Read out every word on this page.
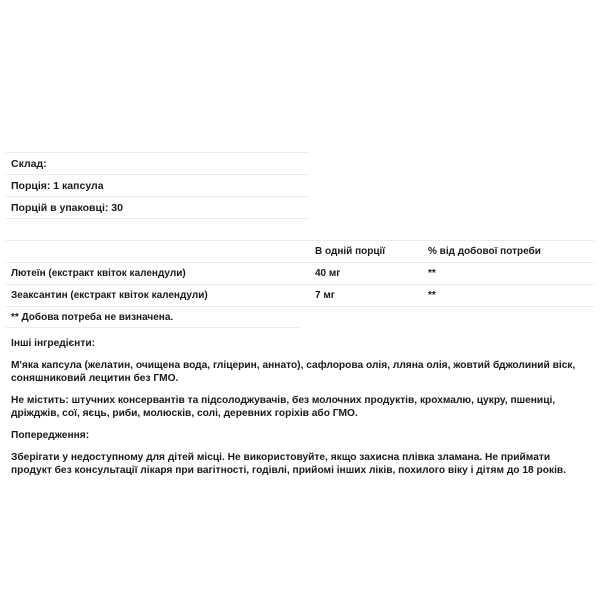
Склад:
Порція: 1 капсула
Порцій в упаковці: 30
	В одній порції	% від добової потреби
Лютеїн (екстракт квіток календули)	40 мг	**
Зеаксантин (екстракт квіток календули)	7 мг	**
** Добова потреба не визначена.
Інші інгредієнти:
М'яка капсула (желатин, очищена вода, гліцерин, аннато), сафлорова олія, лляна олія, жовтий бджолиний віск, соняшниковий лецитин без ГМО.
Не містить: штучних консервантів та підсолоджувачів, без молочних продуктів, крохмалю, цукру, пшениці, дріжджів, сої, яєць, риби, молюсків, солі, деревних горіхів або ГМО.
Попередження:
Зберігати у недоступному для дітей місці. Не використовуйте, якщо захисна плівка зламана. Не приймати продукт без консультації лікаря при вагітності, годівлі, прийомі інших ліків, похилого віку і дітям до 18 років.
